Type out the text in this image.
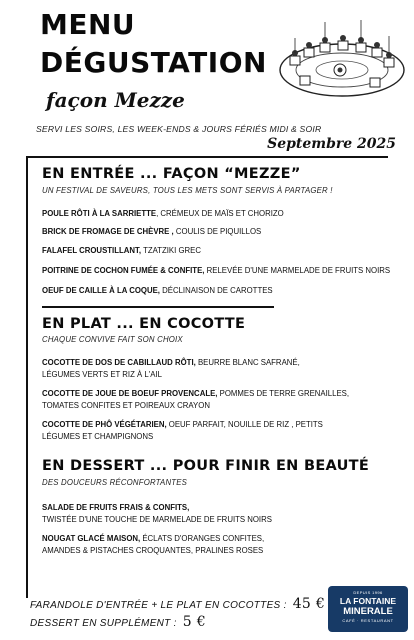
MENU
DÉGUSTATION
façon Mezze
SERVI LES SOIRS, LES WEEK-ENDS & JOURS FÉRIÉS MIDI & SOIR
Septembre 2025
EN ENTRÉE ... FAÇON “MEZZE”
UN FESTIVAL DE SAVEURS, TOUS LES METS SONT SERVIS À PARTAGER !
POULE RÔTI À LA SARRIETTE, CRÉMEUX DE MAÏS ET CHORIZO
BRICK DE FROMAGE DE CHÈVRE , COULIS DE PIQUILLOS
FALAFEL CROUSTILLANT, TZATZIKI GREC
POITRINE DE COCHON FUMÉE & CONFITE, RELEVÉE D'UNE MARMELADE DE FRUITS NOIRS
OEUF DE CAILLE À LA COQUE, DÉCLINAISON DE CAROTTES
EN PLAT ... EN COCOTTE
CHAQUE CONVIVE FAIT SON CHOIX
COCOTTE DE DOS DE CABILLAUD RÔTI, BEURRE BLANC SAFRANÉ,
LÉGUMES VERTS ET RIZ À L'AIL
COCOTTE DE JOUE DE BOEUF PROVENCALE, POMMES DE TERRE GRENAILLES,
TOMATES CONFITES ET POIREAUX CRAYON
COCOTTE DE PHÔ VÉGÉTARIEN, OEUF PARFAIT, NOUILLE DE RIZ , PETITS
LÉGUMES ET CHAMPIGNONS
EN DESSERT ... POUR FINIR EN BEAUTÉ
DES DOUCEURS RÉCONFORTANTES
SALADE DE FRUITS FRAIS & CONFITS,
TWISTÉE D'UNE TOUCHE DE MARMELADE DE FRUITS NOIRS
NOUGAT GLACÉ MAISON, ÉCLATS D'ORANGES CONFITES,
AMANDES & PISTACHES CROQUANTES, PRALINES ROSES
FARANDOLE D'ENTRÉE + LE PLAT EN COCOTTES : 45 €
DESSERT EN SUPPLÉMENT : 5 €
DEPUIS 1996
LA FONTAINE
MINERALE
CAFÉ · RESTAURANT
